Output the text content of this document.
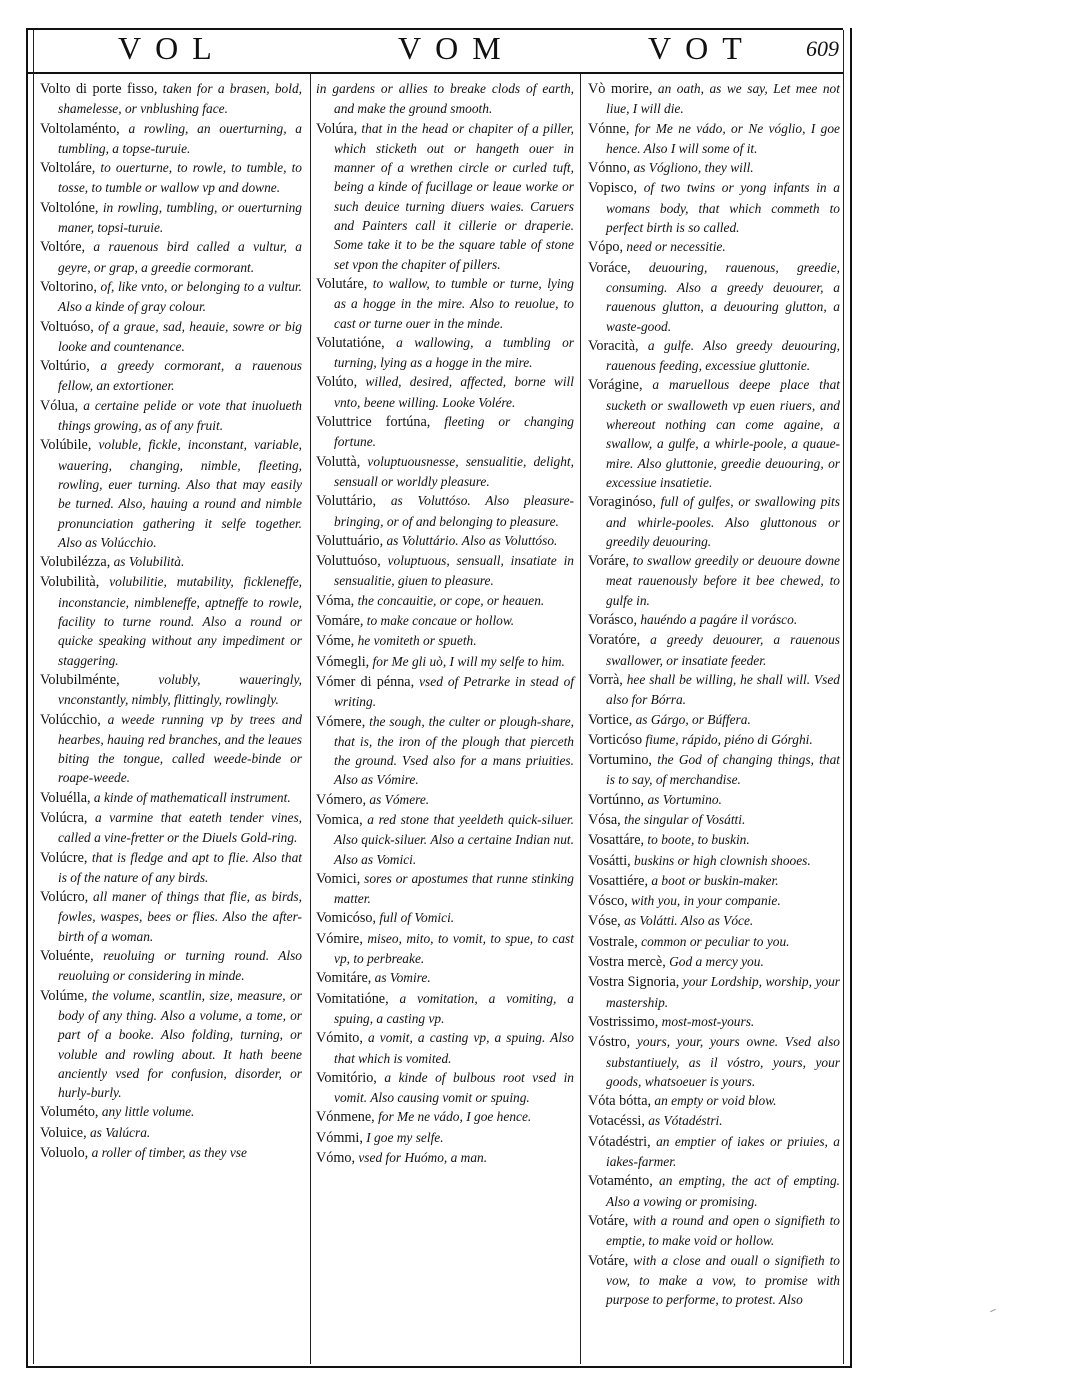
VOL	VOM	VOT 609

Volto di porte fisso, taken for a brasen, bold, shamelesse, or vnblushing face.

Voltolaménto, a rowling, an ouerturning, a tumbling, a topse-turuie.

Voltoláre, to ouerturne, to rowle, to tumble, to tosse, to tumble or wallow vp and downe.

Voltolóne, in rowling, tumbling, or ouerturning maner, topsi-turuie.

Voltóre, a rauenous bird called a vultur, a geyre, or grap, a greedie cormorant.

Voltorino, of, like vnto, or belonging to a vultur. Also a kinde of gray colour.

Voltuóso, of a graue, sad, heauie, sowre or big looke and countenance.

Voltúrio, a greedy cormorant, a rauenous fellow, an extortioner.

Vólua, a certaine pelide or vote that inuolueth things growing, as of any fruit.

Volúbile, voluble, fickle, inconstant, variable, wauering, changing, nimble, fleeting, rowling, euer turning. Also that may easily be turned. Also, hauing a round and nimble pronunciation gathering it selfe together. Also as Volúcchio.

Volubilézza, as Volubilità.

Volubilità, volubilitie, mutability, fickleneffe, inconstancie, nimbleneffe, aptneffe to rowle, facility to turne round. Also a round or quicke speaking without any impediment or staggering.

Volubilménte, volubly, waueringly, vnconstantly, nimbly, flittingly, rowlingly.

Volúcchio, a weede running vp by trees and hearbes, hauing red branches, and the leaues biting the tongue, called weede-binde or roape-weede.

Voluélla, a kinde of mathematicall instrument.

Volúcra, a varmine that eateth tender vines, called a vine-fretter or the Diuels Gold-ring.

Volúcre, that is fledge and apt to flie. Also that is of the nature of any birds.

Volúcro, all maner of things that flie, as birds, fowles, waspes, bees or flies. Also the after-birth of a woman.

Voluénte, reuoluing or turning round. Also reuoluing or considering in minde.

Volúme, the volume, scantlin, size, measure, or body of any thing. Also a volume, a tome, or part of a booke. Also folding, turning, or voluble and rowling about. It hath beene anciently vsed for confusion, disorder, or hurly-burly.

Voluméto, any little volume.

Voluice, as Valúcra.

Voluolo, a roller of timber, as they vse

in gardens or allies to breake clods of earth, and make the ground smooth.

Volúra, that in the head or chapiter of a piller, which sticketh out or hangeth ouer in manner of a wrethen circle or curled tuft, being a kinde of fucillage or leaue worke or such deuice turning diuers waies. Caruers and Painters call it cillerie or draperie. Some take it to be the square table of stone set vpon the chapiter of pillers.

Volutáre, to wallow, to tumble or turne, lying as a hogge in the mire. Also to reuolue, to cast or turne ouer in the minde.

Volutatióne, a wallowing, a tumbling or turning, lying as a hogge in the mire.

Volúto, willed, desired, affected, borne will vnto, beene willing. Looke Volére.

Voluttrice fortúna, fleeting or changing fortune.

Voluttà, voluptuousnesse, sensualitie, delight, sensuall or worldly pleasure.

Voluttário, as Voluttóso. Also pleasure-bringing, or of and belonging to pleasure.

Voluttuário, as Voluttário. Also as Voluttóso.

Voluttuóso, voluptuous, sensuall, insatiate in sensualitie, giuen to pleasure.

Vóma, the concauitie, or cope, or heauen.

Vomáre, to make concaue or hollow.

Vóme, he vomiteth or spueth.

Vómegli, for Me gli uò, I will my selfe to him.

Vómer di pénna, vsed of Petrarke in stead of writing.

Vómere, the sough, the culter or plough-share, that is, the iron of the plough that pierceth the ground. Vsed also for a mans priuities. Also as Vómire.

Vómero, as Vómere.

Vomica, a red stone that yeeldeth quick-siluer. Also quick-siluer. Also a certaine Indian nut. Also as Vomici.

Vomici, sores or apostumes that runne stinking matter.

Vomicóso, full of Vomici.

Vómire, miseo, mito, to vomit, to spue, to cast vp, to perbreake.

Vomitáre, as Vomire.

Vomitatióne, a vomitation, a vomiting, a spuing, a casting vp.

Vómito, a vomit, a casting vp, a spuing. Also that which is vomited.

Vomitório, a kinde of bulbous root vsed in vomit. Also causing vomit or spuing.

Vónmene, for Me ne vádo, I goe hence.

Vómmi, I goe my selfe.

Vómo, vsed for Huómo, a man.

Vò morire, an oath, as we say, Let mee not liue, I will die.

Vónne, for Me ne vádo, or Ne vóglio, I goe hence. Also I will some of it.

Vónno, as Vógliono, they will.

Vopisco, of two twins or yong infants in a womans body, that which commeth to perfect birth is so called.

Vópo, need or necessitie.

Voráce, deuouring, rauenous, greedie, consuming. Also a greedy deuourer, a rauenous glutton, a deuouring glutton, a waste-good.

Voracità, a gulfe. Also greedy deuouring, rauenous feeding, excessiue gluttonie.

Vorágine, a maruellous deepe place that sucketh or swalloweth vp euen riuers, and whereout nothing can come againe, a swallow, a gulfe, a whirle-poole, a quaue-mire. Also gluttonie, greedie deuouring, or excessiue insatietie.

Voraginóso, full of gulfes, or swallowing pits and whirle-pooles. Also gluttonous or greedily deuouring.

Voráre, to swallow greedily or deuoure downe meat rauenously before it bee chewed, to gulfe in.

Vorásco, hauéndo a pagáre il vorásco.

Voratóre, a greedy deuourer, a rauenous swallower, or insatiate feeder.

Vorrà, hee shall be willing, he shall will. Vsed also for Bórra.

Vortice, as Gárgo, or Búffera.

Vorticóso fiume, rápido, piéno di Górghi.

Vortumino, the God of changing things, that is to say, of merchandise.

Vortúnno, as Vortumino.

Vósa, the singular of Vosátti.

Vosattáre, to boote, to buskin.

Vosátti, buskins or high clownish shooes.

Vosattiére, a boot or buskin-maker.

Vósco, with you, in your companie.

Vóse, as Volátti. Also as Vóce.

Vostrale, common or peculiar to you.

Vostra mercè, God a mercy you.

Vostra Signoria, your Lordship, worship, your mastership.

Vostrissimo, most-most-yours.

Vóstro, yours, your, yours owne. Vsed also substantiuely, as il vóstro, yours, your goods, whatsoeuer is yours.

Vóta bótta, an empty or void blow.

Votacéssi, as Vótadéstri.

Vótadéstri, an emptier of iakes or priuies, a iakes-farmer.

Votaménto, an empting, the act of empting. Also a vowing or promising.

Votáre, with a round and open o signifieth to emptie, to make void or hollow.

Votáre, with a close and ouall o signifieth to vow, to make a vow, to promise with purpose to performe, to protest. Also
